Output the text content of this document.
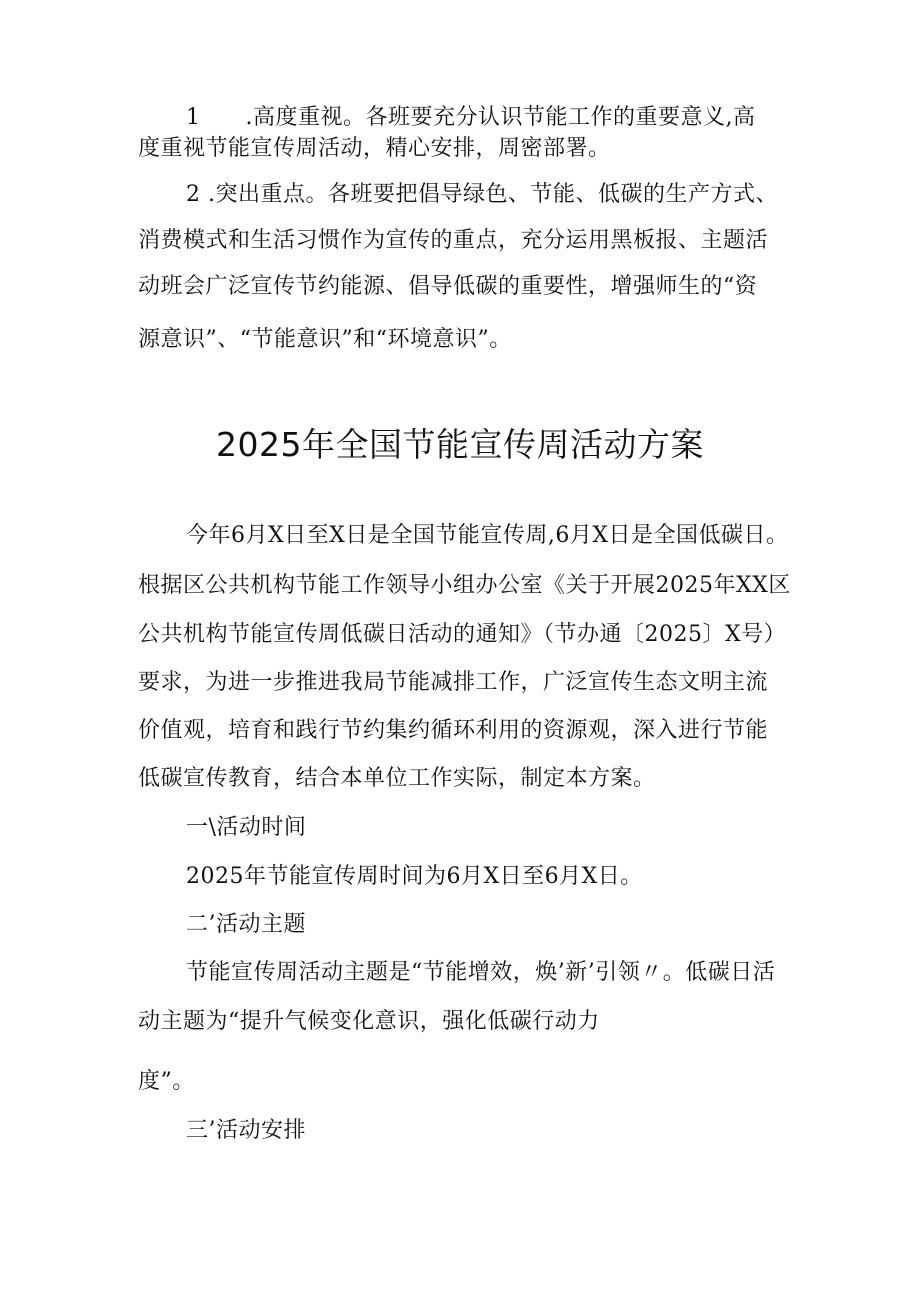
1　　.高度重视。各班要充分认识节能工作的重要意义,高

度重视节能宣传周活动，精心安排，周密部署。

2 .突出重点。各班要把倡导绿色、节能、低碳的生产方式、

消费模式和生活习惯作为宣传的重点，充分运用黑板报、主题活

动班会广泛宣传节约能源、倡导低碳的重要性，增强师生的“资

源意识”、“节能意识”和“环境意识”。

2025年全国节能宣传周活动方案

今年6月X日至X日是全国节能宣传周,6月X日是全国低碳日。

根据区公共机构节能工作领导小组办公室《关于开展2025年XX区

公共机构节能宣传周低碳日活动的通知》（节办通〔2025〕X号）

要求，为进一步推进我局节能减排工作，广泛宣传生态文明主流

价值观，培育和践行节约集约循环利用的资源观，深入进行节能

低碳宣传教育，结合本单位工作实际，制定本方案。

一\活动时间

2025年节能宣传周时间为6月X日至6月X日。

二’活动主题

节能宣传周活动主题是“节能增效，焕’新’引领〃。低碳日活

动主题为“提升气候变化意识，强化低碳行动力

度”。

三’活动安排
